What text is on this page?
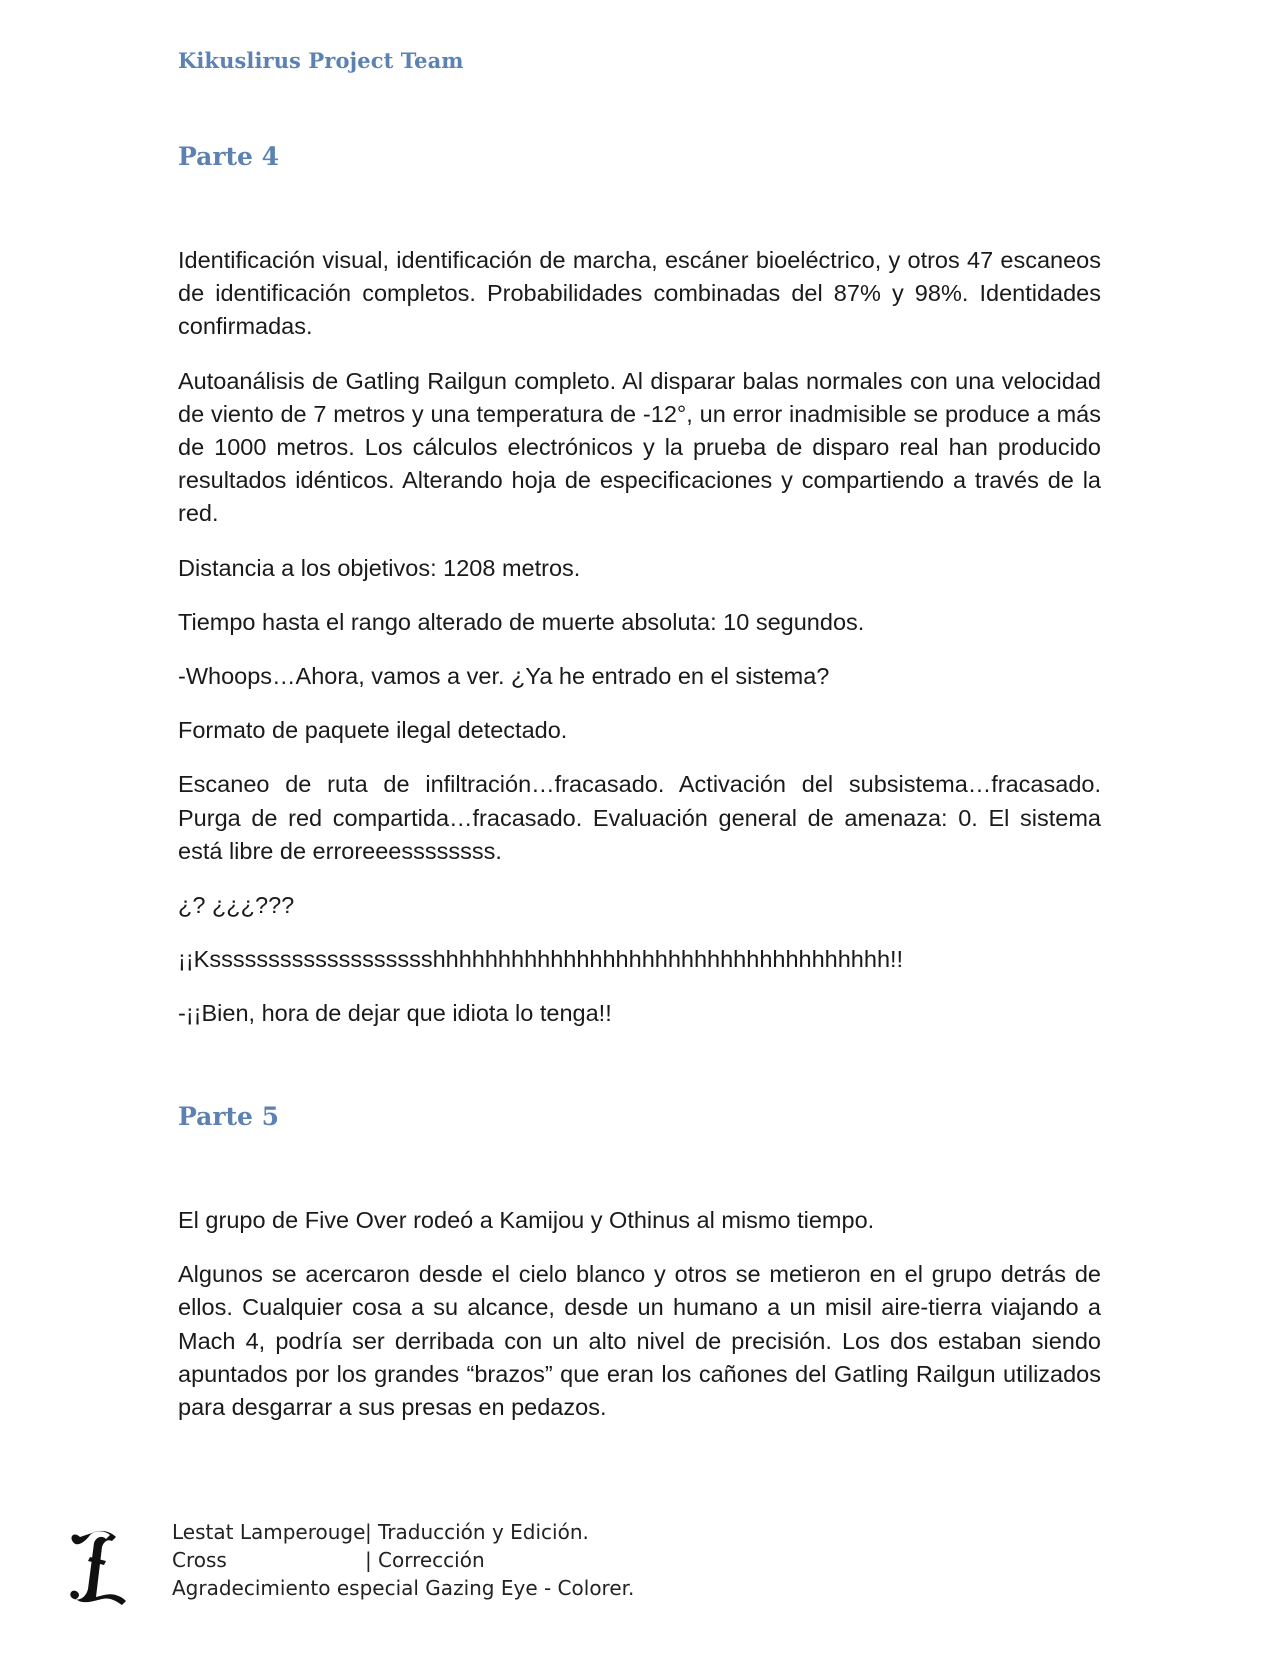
Kikuslirus Project Team
Parte 4

Identificación visual, identificación de marcha, escáner bioeléctrico, y otros 47 escaneos de identificación completos. Probabilidades combinadas del 87% y 98%. Identidades confirmadas.

Autoanálisis de Gatling Railgun completo. Al disparar balas normales con una velocidad de viento de 7 metros y una temperatura de -12°, un error inadmisible se produce a más de 1000 metros. Los cálculos electrónicos y la prueba de disparo real han producido resultados idénticos. Alterando hoja de especificaciones y compartiendo a través de la red.

Distancia a los objetivos: 1208 metros.

Tiempo hasta el rango alterado de muerte absoluta: 10 segundos.

-Whoops…Ahora, vamos a ver. ¿Ya he entrado en el sistema?

Formato de paquete ilegal detectado.

Escaneo de ruta de infiltración…fracasado. Activación del subsistema…fracasado. Purga de red compartida…fracasado. Evaluación general de amenaza: 0. El sistema está libre de erroreeessssssss.

¿? ¿¿¿???

¡¡Kssssssssssssssssssshhhhhhhhhhhhhhhhhhhhhhhhhhhhhhhhhhh!!

-¡¡Bien, hora de dejar que idiota lo tenga!!

Parte 5

El grupo de Five Over rodeó a Kamijou y Othinus al mismo tiempo.

Algunos se acercaron desde el cielo blanco y otros se metieron en el grupo detrás de ellos. Cualquier cosa a su alcance, desde un humano a un misil aire-tierra viajando a Mach 4, podría ser derribada con un alto nivel de precisión. Los dos estaban siendo apuntados por los grandes “brazos” que eran los cañones del Gatling Railgun utilizados para desgarrar a sus presas en pedazos.

Lestat Lamperouge | Traducción y Edición.
Cross	| Corrección
Agradecimiento especial Gazing Eye - Colorer.
